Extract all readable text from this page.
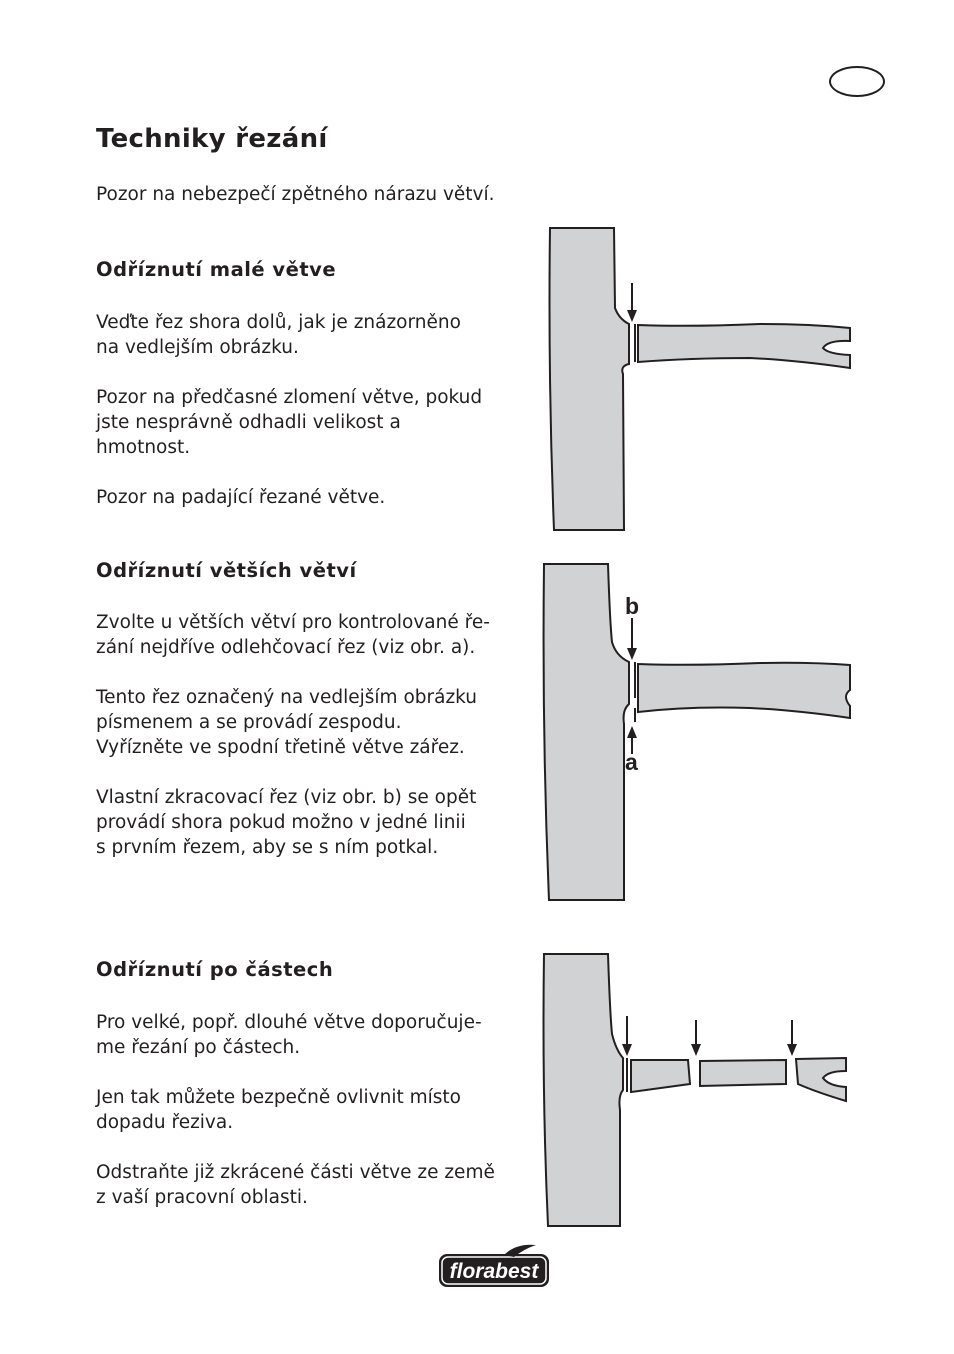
Techniky řezání

Pozor na nebezpečí zpětného nárazu větví.

Odříznutí malé větve

Veďte řez shora dolů, jak je znázorněno
na vedlejším obrázku.

Pozor na předčasné zlomení větve, pokud
jste nesprávně odhadli velikost a hmotnost.

Pozor na padající řezané větve.

Odříznutí větších větví

Zvolte u větších větví pro kontrolované ře-
zání nejdříve odlehčovací řez (viz obr. a).

Tento řez označený na vedlejším obrázku
písmenem a se provádí zespodu.
Vyřízněte ve spodní třetině větve zářez.

Vlastní zkracovací řez (viz obr. b) se opět
provádí shora pokud možno v jedné linii
s prvním řezem, aby se s ním potkal.

b
a
Odříznutí po částech

Pro velké, popř. dlouhé větve doporučuje-
me řezání po částech.

Jen tak můžete bezpečně ovlivnit místo
dopadu řeziva.

Odstraňte již zkrácené části větve ze země
z vaší pracovní oblasti.

florabest
